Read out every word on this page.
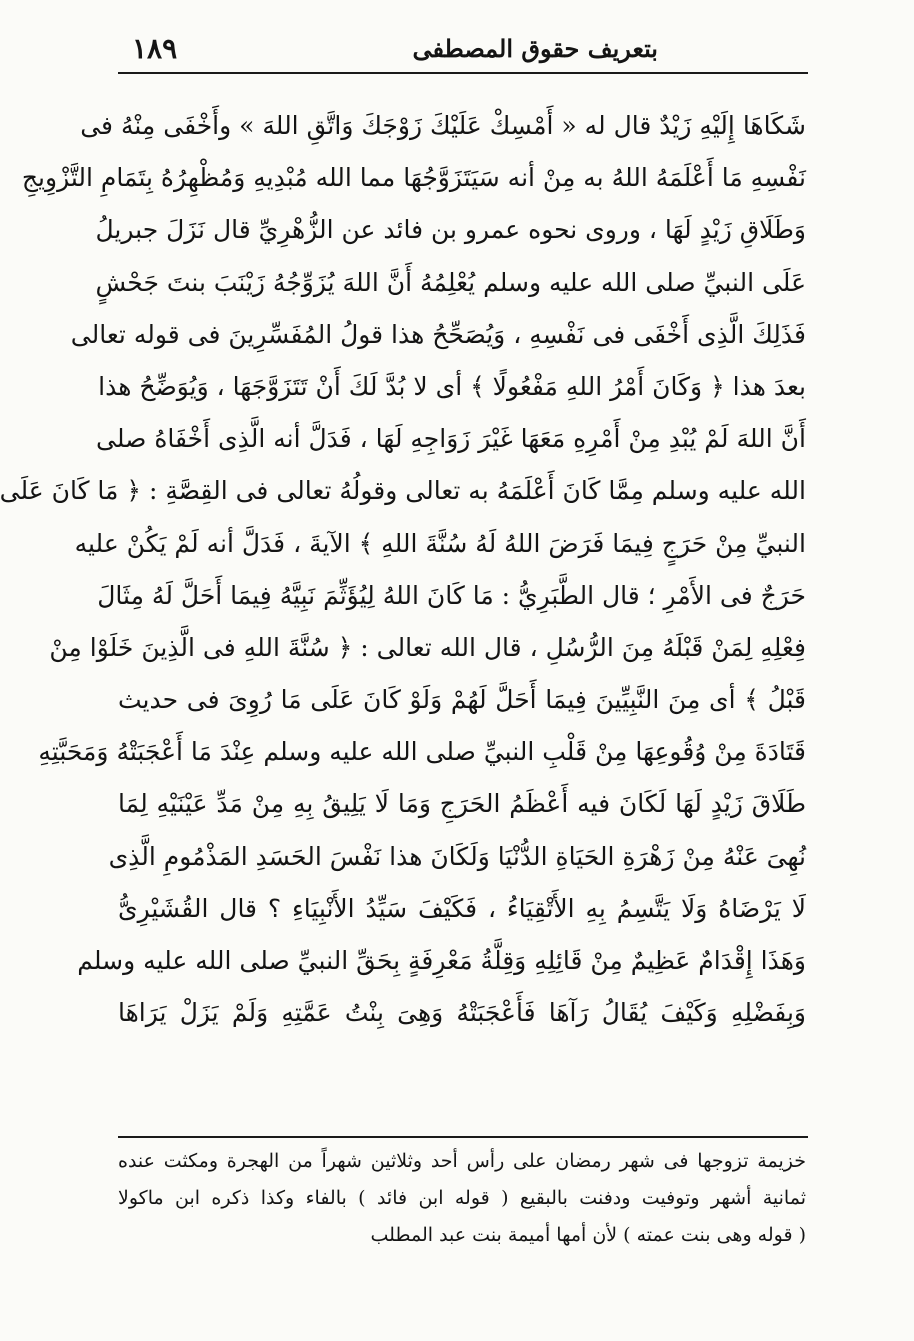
بتعريف حقوق المصطفى
١٨٩
شَكَاهَا إِلَيْهِ زَيْدٌ قال له « أَمْسِكْ عَلَيْكَ زَوْجَكَ وَاتَّقِ اللهَ » وأَخْفَى مِنْهُ فى
نَفْسِهِ مَا أَعْلَمَهُ اللهُ به مِنْ أنه سَيَتَزَوَّجُهَا مما الله مُبْدِيهِ وَمُظْهِرُهُ بِتَمَامِ التَّزْوِيجِ
وَطَلَاقِ زَيْدٍ لَهَا ، وروى نحوه عمرو بن فائد عن الزُّهْرِيِّ قال نَزَلَ جبريلُ
عَلَى النبيِّ صلى الله عليه وسلم يُعْلِمُهُ أَنَّ اللهَ يُزَوِّجُهُ زَيْنَبَ بنتَ جَحْشٍ
فَذَلِكَ الَّذِى أَخْفَى فى نَفْسِهِ ، وَيُصَحِّحُ هذا قولُ المُفَسِّرِينَ فى قوله تعالى
بعدَ هذا ﴿ وَكَانَ أَمْرُ اللهِ مَفْعُولًا ﴾ أى لا بُدَّ لَكَ أَنْ تَتَزَوَّجَهَا ، وَيُوَضِّحُ هذا
أَنَّ اللهَ لَمْ يُبْدِ مِنْ أَمْرِهِ مَعَهَا غَيْرَ زَوَاجِهِ لَهَا ، فَدَلَّ أنه الَّذِى أَخْفَاهُ صلى
الله عليه وسلم مِمَّا كَانَ أَعْلَمَهُ به تعالى وقولُهُ تعالى فى القِصَّةِ : ﴿ مَا كَانَ عَلَى
النبيِّ مِنْ حَرَجٍ فِيمَا فَرَضَ اللهُ لَهُ سُنَّةَ اللهِ ﴾ الآيةَ ، فَدَلَّ أنه لَمْ يَكُنْ عليه
حَرَجٌ فى الأَمْرِ ؛ قال الطَّبَرِيُّ : مَا كَانَ اللهُ لِيُؤَثِّمَ نَبِيَّهُ فِيمَا أَحَلَّ لَهُ مِثَالَ
فِعْلِهِ لِمَنْ قَبْلَهُ مِنَ الرُّسُلِ ، قال الله تعالى : ﴿ سُنَّةَ اللهِ فى الَّذِينَ خَلَوْا مِنْ
قَبْلُ ﴾ أى مِنَ النَّبِيِّينَ فِيمَا أَحَلَّ لَهُمْ وَلَوْ كَانَ عَلَى مَا رُوِىَ فى حديث
قَتَادَةَ مِنْ وُقُوعِهَا مِنْ قَلْبِ النبيِّ صلى الله عليه وسلم عِنْدَ مَا أَعْجَبَتْهُ وَمَحَبَّتِهِ
طَلَاقَ زَيْدٍ لَهَا لَكَانَ فيه أَعْظَمُ الحَرَجِ وَمَا لَا يَلِيقُ بِهِ مِنْ مَدِّ عَيْنَيْهِ لِمَا
نُهِىَ عَنْهُ مِنْ زَهْرَةِ الحَيَاةِ الدُّنْيَا وَلَكَانَ هذا نَفْسَ الحَسَدِ المَذْمُومِ الَّذِى
لَا يَرْضَاهُ وَلَا يَتَّسِمُ بِهِ الأَتْقِيَاءُ ، فَكَيْفَ سَيِّدُ الأَنْبِيَاءِ ؟ قال القُشَيْرِىُّ
وَهَذَا إِقْدَامٌ عَظِيمٌ مِنْ قَائِلِهِ وَقِلَّةُ مَعْرِفَةٍ بِحَقِّ النبيِّ صلى الله عليه وسلم
وَبِفَضْلِهِ وَكَيْفَ يُقَالُ رَآهَا فَأَعْجَبَتْهُ وَهِىَ بِنْتُ عَمَّتِهِ وَلَمْ يَزَلْ يَرَاهَا
خزيمة تزوجها فى شهر رمضان على رأس أحد وثلاثين شهراً من الهجرة ومكثت عنده
ثمانية أشهر وتوفيت ودفنت بالبقيع ( قوله ابن فائد ) بالفاء وكذا ذكره ابن ماكولا
( قوله وهى بنت عمته ) لأن أمها أميمة بنت عبد المطلب
